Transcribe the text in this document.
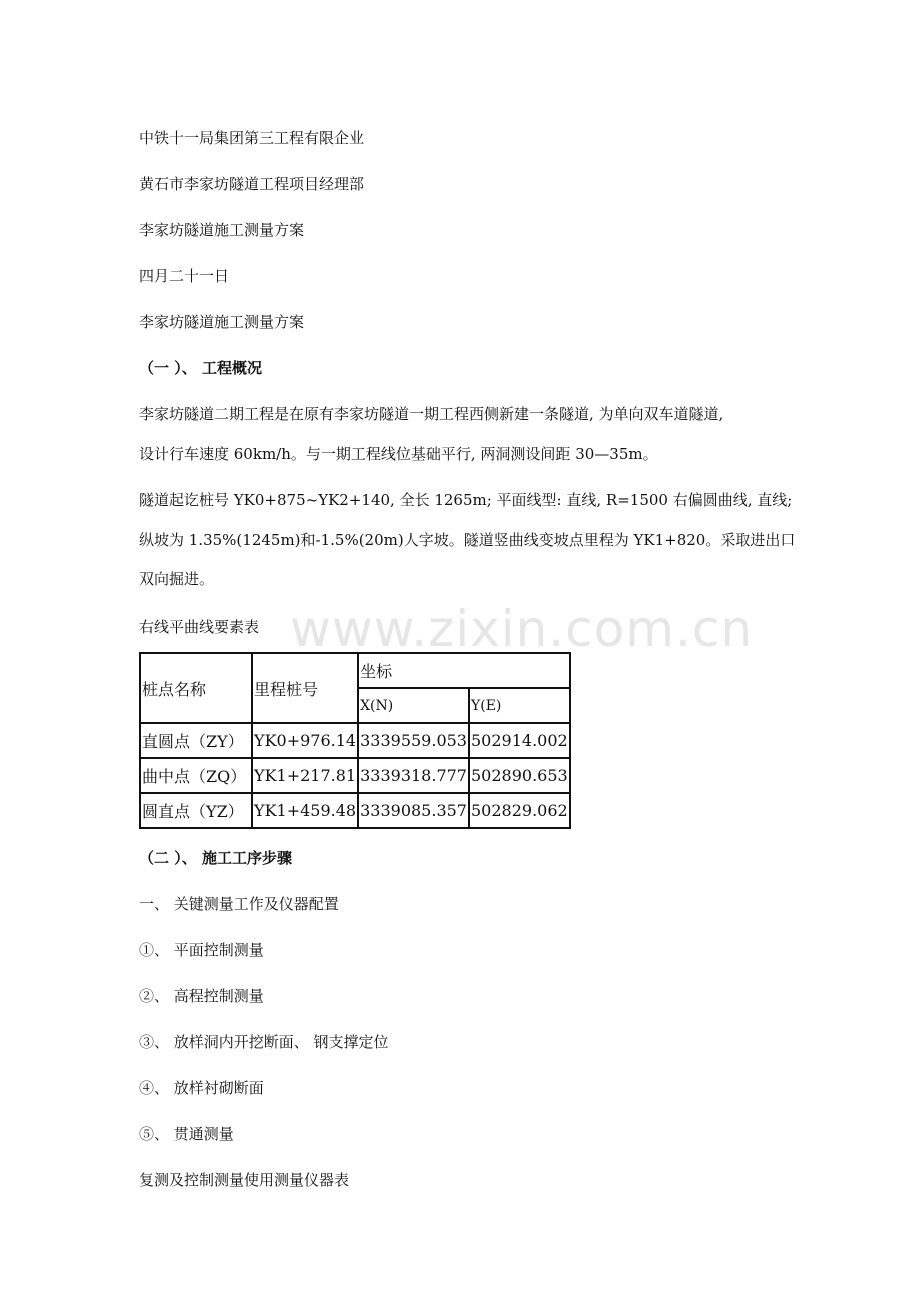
www.zixin.com.cn
中铁十一局集团第三工程有限企业
黄石市李家坊隧道工程项目经理部
李家坊隧道施工测量方案
四月二十一日
李家坊隧道施工测量方案
（一 ）、 工程概况
李家坊隧道二期工程是在原有李家坊隧道一期工程西侧新建一条隧道, 为单向双车道隧道,
设计行车速度 60km/h。与一期工程线位基础平行, 两洞测设间距 30—35m。
隧道起讫桩号 YK0+875~YK2+140, 全长 1265m; 平面线型: 直线, R=1500 右偏圆曲线, 直线;
纵坡为 1.35%(1245m)和-1.5%(20m)人字坡。隧道竖曲线变坡点里程为 YK1+820。采取进出口
双向掘进。
右线平曲线要素表
桩点名称	里程桩号	坐标	
		X(N)	Y(E)
直圆点（ZY）	YK0+976.14	3339559.053	502914.002
曲中点（ZQ）	YK1+217.81	3339318.777	502890.653
圆直点（YZ）	YK1+459.48	3339085.357	502829.062
（二 ）、 施工工序步骤
一、 关键测量工作及仪器配置
①、 平面控制测量
②、 高程控制测量
③、 放样洞内开挖断面、 钢支撑定位
④、 放样衬砌断面
⑤、 贯通测量
复测及控制测量使用测量仪器表
